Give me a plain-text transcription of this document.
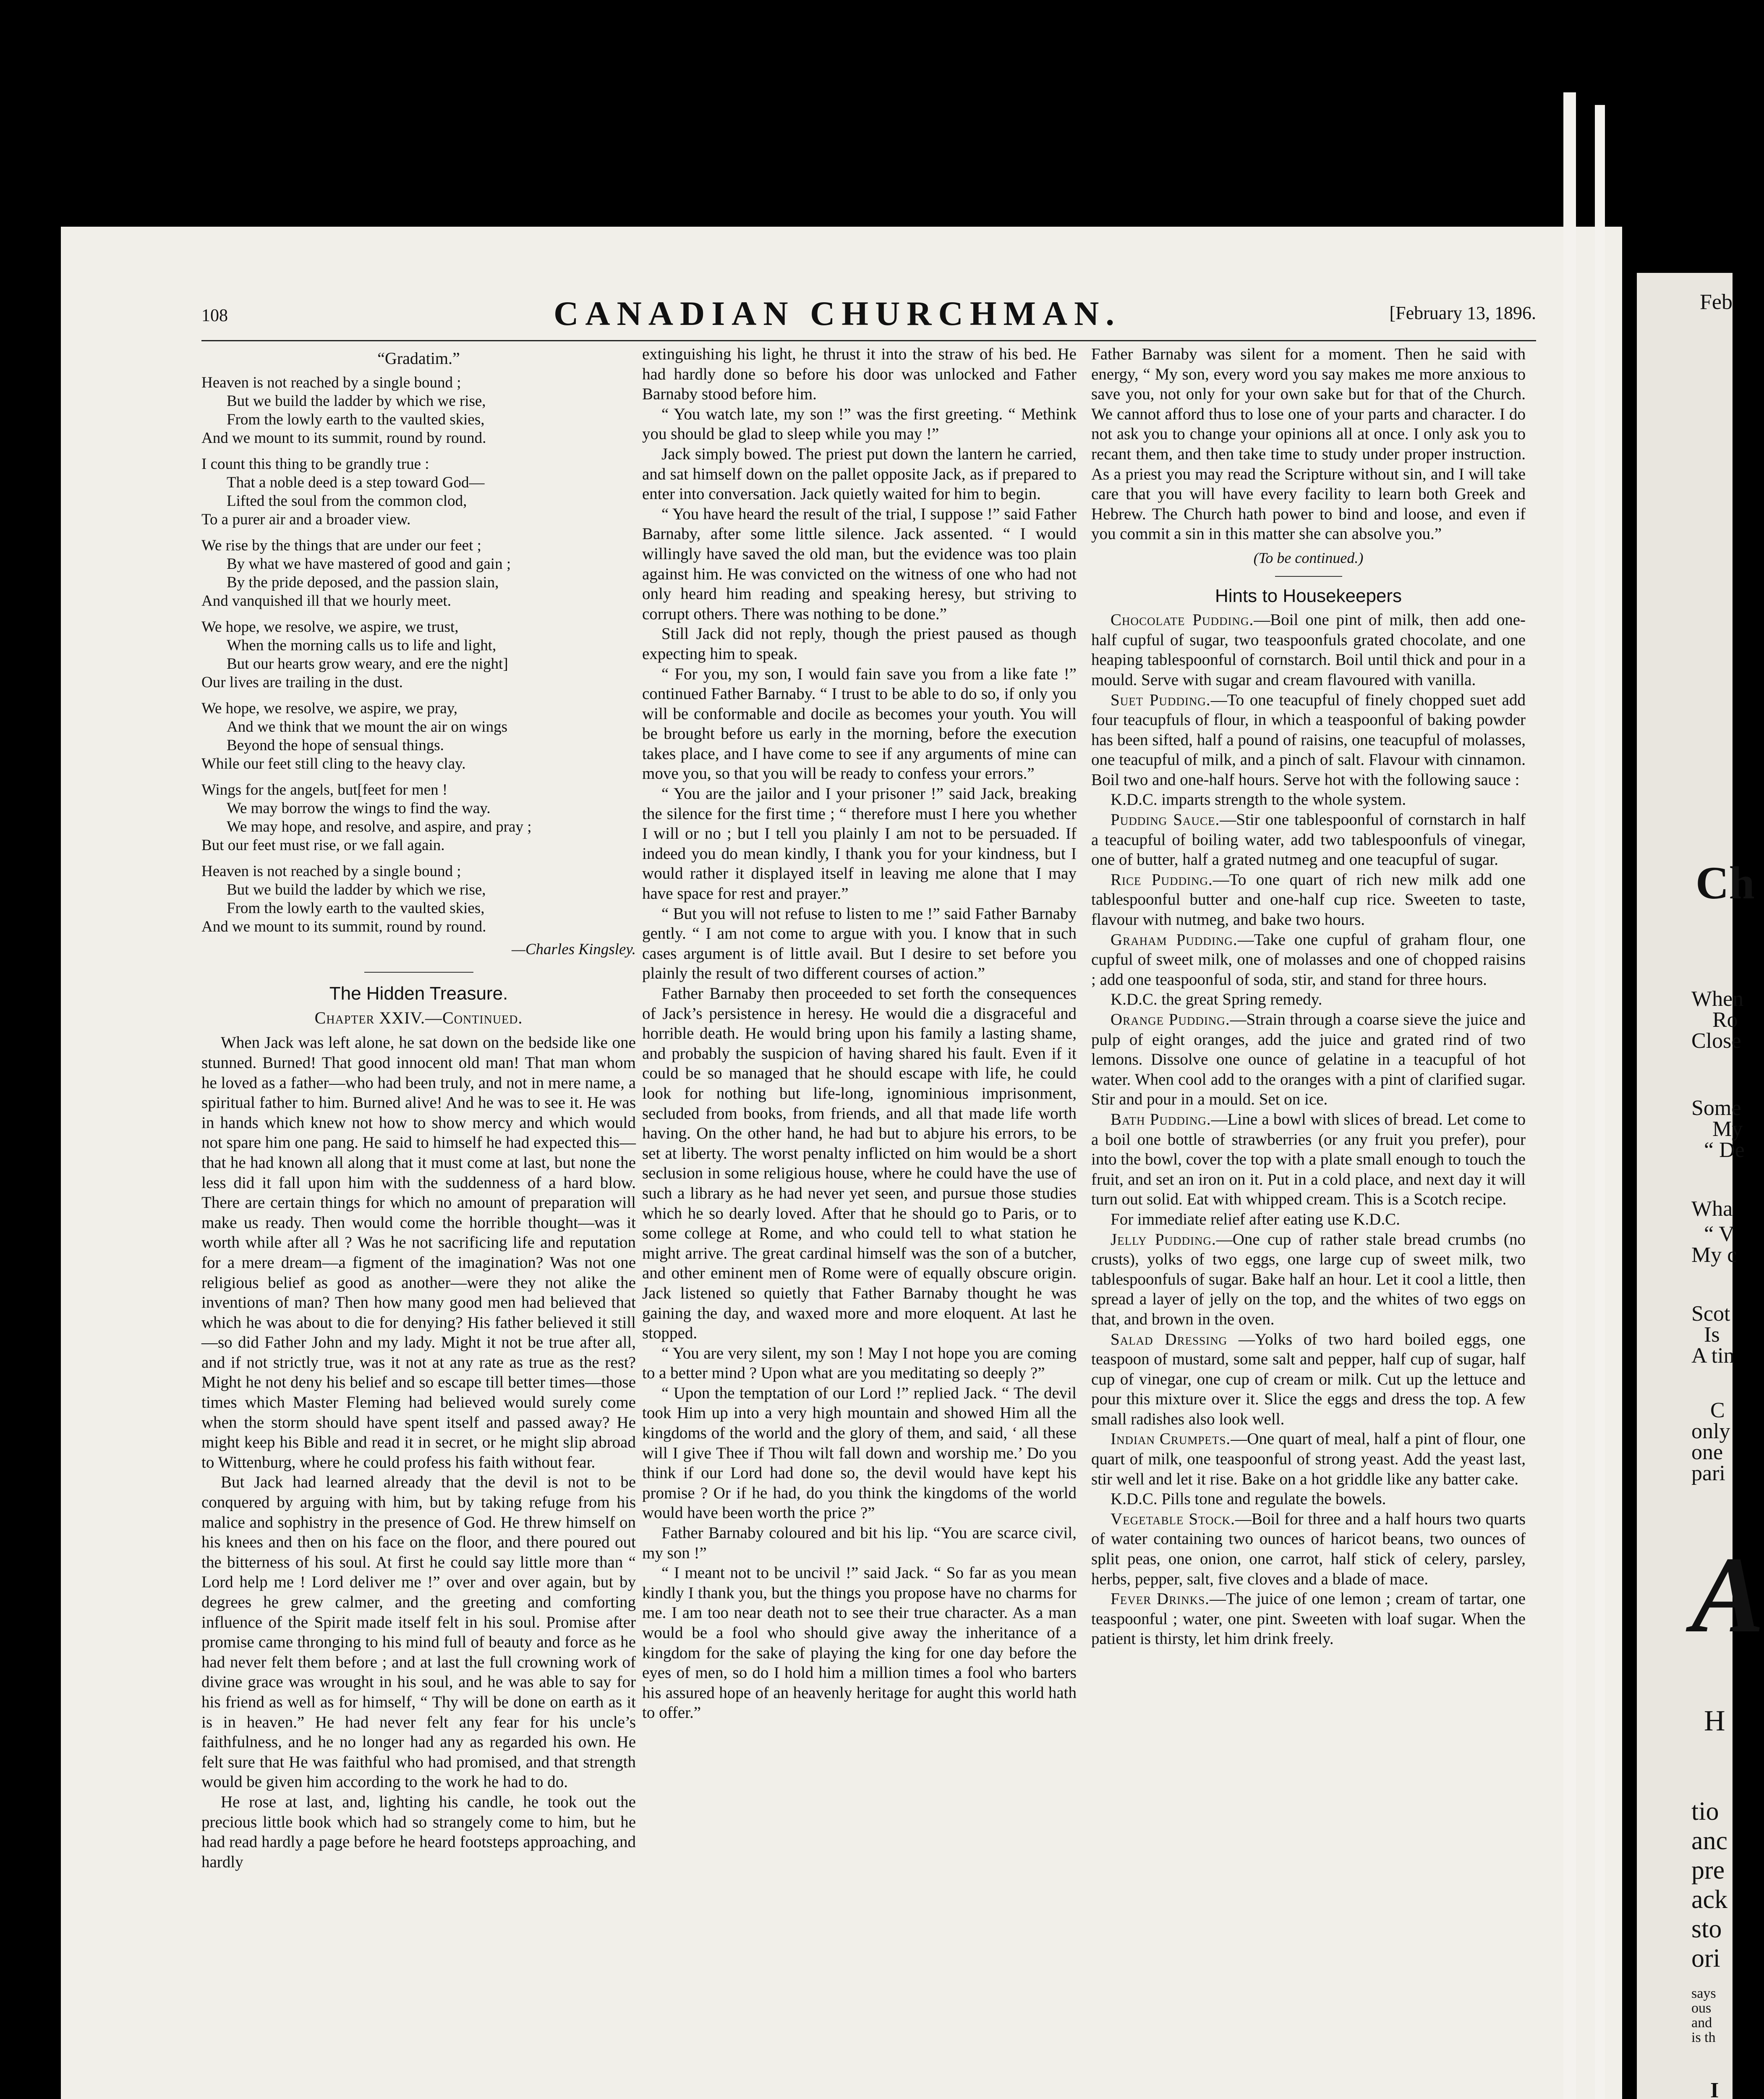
Feb
Ch
When
Ro
Close
Some
My
“ De
Wha
“ V
My c
Scot
Is
A tin
C
only
one
pari
A
H
tio
anc
pre
ack
sto
ori
says
ous
and
is th
I
108	CANADIAN CHURCHMAN.	[February 13, 1896.
“Gradatim.”
Heaven is not reached by a single bound ;
But we build the ladder by which we rise,
From the lowly earth to the vaulted skies,
And we mount to its summit, round by round.
I count this thing to be grandly true :
That a noble deed is a step toward God—
Lifted the soul from the common clod,
To a purer air and a broader view.
We rise by the things that are under our feet ;
By what we have mastered of good and gain ;
By the pride deposed, and the passion slain,
And vanquished ill that we hourly meet.
We hope, we resolve, we aspire, we trust,
When the morning calls us to life and light,
But our hearts grow weary, and ere the night]
Our lives are trailing in the dust.
We hope, we resolve, we aspire, we pray,
And we think that we mount the air on wings
Beyond the hope of sensual things.
While our feet still cling to the heavy clay.
Wings for the angels, but[feet for men !
We may borrow the wings to find the way.
We may hope, and resolve, and aspire, and pray ;
But our feet must rise, or we fall again.
Heaven is not reached by a single bound ;
But we build the ladder by which we rise,
From the lowly earth to the vaulted skies,
And we mount to its summit, round by round.
—Charles Kingsley.
The Hidden Treasure.
Chapter XXIV.—Continued.

When Jack was left alone, he sat down on the bedside like one stunned. Burned! That good innocent old man! That man whom he loved as a father—who had been truly, and not in mere name, a spiritual father to him. Burned alive! And he was to see it. He was in hands which knew not how to show mercy and which would not spare him one pang. He said to himself he had expected this—that he had known all along that it must come at last, but none the less did it fall upon him with the suddenness of a hard blow. There are certain things for which no amount of preparation will make us ready. Then would come the horrible thought—was it worth while after all ? Was he not sacrificing life and reputation for a mere dream—a figment of the imagination? Was not one religious belief as good as another—were they not alike the inventions of man? Then how many good men had believed that which he was about to die for denying? His father believed it still—so did Father John and my lady. Might it not be true after all, and if not strictly true, was it not at any rate as true as the rest? Might he not deny his belief and so escape till better times—those times which Master Fleming had believed would surely come when the storm should have spent itself and passed away? He might keep his Bible and read it in secret, or he might slip abroad to Wittenburg, where he could profess his faith without fear.

But Jack had learned already that the devil is not to be conquered by arguing with him, but by taking refuge from his malice and sophistry in the presence of God. He threw himself on his knees and then on his face on the floor, and there poured out the bitterness of his soul. At first he could say little more than “ Lord help me ! Lord deliver me !” over and over again, but by degrees he grew calmer, and the greeting and comforting influence of the Spirit made itself felt in his soul. Promise after promise came thronging to his mind full of beauty and force as he had never felt them before ; and at last the full crowning work of divine grace was wrought in his soul, and he was able to say for his friend as well as for himself, “ Thy will be done on earth as it is in heaven.” He had never felt any fear for his uncle’s faithfulness, and he no longer had any as regarded his own. He felt sure that He was faithful who had promised, and that strength would be given him according to the work he had to do.

He rose at last, and, lighting his candle, he took out the precious little book which had so strangely come to him, but he had read hardly a page before he heard footsteps approaching, and hardly

extinguishing his light, he thrust it into the straw of his bed. He had hardly done so before his door was unlocked and Father Barnaby stood before him.

“ You watch late, my son !” was the first greeting. “ Methink you should be glad to sleep while you may !”

Jack simply bowed. The priest put down the lantern he carried, and sat himself down on the pallet opposite Jack, as if prepared to enter into conversation. Jack quietly waited for him to begin.

“ You have heard the result of the trial, I suppose !” said Father Barnaby, after some little silence. Jack assented. “ I would willingly have saved the old man, but the evidence was too plain against him. He was convicted on the witness of one who had not only heard him reading and speaking heresy, but striving to corrupt others. There was nothing to be done.”

Still Jack did not reply, though the priest paused as though expecting him to speak.

“ For you, my son, I would fain save you from a like fate !” continued Father Barnaby. “ I trust to be able to do so, if only you will be conformable and docile as becomes your youth. You will be brought before us early in the morning, before the execution takes place, and I have come to see if any arguments of mine can move you, so that you will be ready to confess your errors.”

“ You are the jailor and I your prisoner !” said Jack, breaking the silence for the first time ; “ therefore must I here you whether I will or no ; but I tell you plainly I am not to be persuaded. If indeed you do mean kindly, I thank you for your kindness, but I would rather it displayed itself in leaving me alone that I may have space for rest and prayer.”

“ But you will not refuse to listen to me !” said Father Barnaby gently. “ I am not come to argue with you. I know that in such cases argument is of little avail. But I desire to set before you plainly the result of two different courses of action.”

Father Barnaby then proceeded to set forth the consequences of Jack’s persistence in heresy. He would die a disgraceful and horrible death. He would bring upon his family a lasting shame, and probably the suspicion of having shared his fault. Even if it could be so managed that he should escape with life, he could look for nothing but life-long, ignominious imprisonment, secluded from books, from friends, and all that made life worth having. On the other hand, he had but to abjure his errors, to be set at liberty. The worst penalty inflicted on him would be a short seclusion in some religious house, where he could have the use of such a library as he had never yet seen, and pursue those studies which he so dearly loved. After that he should go to Paris, or to some college at Rome, and who could tell to what station he might arrive. The great cardinal himself was the son of a butcher, and other eminent men of Rome were of equally obscure origin. Jack listened so quietly that Father Barnaby thought he was gaining the day, and waxed more and more eloquent. At last he stopped.

“ You are very silent, my son ! May I not hope you are coming to a better mind ? Upon what are you meditating so deeply ?”

“ Upon the temptation of our Lord !” replied Jack. “ The devil took Him up into a very high mountain and showed Him all the kingdoms of the world and the glory of them, and said, ‘ all these will I give Thee if Thou wilt fall down and worship me.’ Do you think if our Lord had done so, the devil would have kept his promise ? Or if he had, do you think the kingdoms of the world would have been worth the price ?”

Father Barnaby coloured and bit his lip. “You are scarce civil, my son !”

“ I meant not to be uncivil !” said Jack. “ So far as you mean kindly I thank you, but the things you propose have no charms for me. I am too near death not to see their true character. As a man would be a fool who should give away the inheritance of a kingdom for the sake of playing the king for one day before the eyes of men, so do I hold him a million times a fool who barters his assured hope of an heavenly heritage for aught this world hath to offer.”

Father Barnaby was silent for a moment. Then he said with energy, “ My son, every word you say makes me more anxious to save you, not only for your own sake but for that of the Church. We cannot afford thus to lose one of your parts and character. I do not ask you to change your opinions all at once. I only ask you to recant them, and then take time to study under proper instruction. As a priest you may read the Scripture without sin, and I will take care that you will have every facility to learn both Greek and Hebrew. The Church hath power to bind and loose, and even if you commit a sin in this matter she can absolve you.”

(To be continued.)
Hints to Housekeepers

Chocolate Pudding.—Boil one pint of milk, then add one-half cupful of sugar, two teaspoonfuls grated chocolate, and one heaping tablespoonful of cornstarch. Boil until thick and pour in a mould. Serve with sugar and cream flavoured with vanilla.

Suet Pudding.—To one teacupful of finely chopped suet add four teacupfuls of flour, in which a teaspoonful of baking powder has been sifted, half a pound of raisins, one teacupful of molasses, one teacupful of milk, and a pinch of salt. Flavour with cinnamon. Boil two and one-half hours. Serve hot with the following sauce :

K.D.C. imparts strength to the whole system.

Pudding Sauce.—Stir one tablespoonful of cornstarch in half a teacupful of boiling water, add two tablespoonfuls of vinegar, one of butter, half a grated nutmeg and one teacupful of sugar.

Rice Pudding.—To one quart of rich new milk add one tablespoonful butter and one-half cup rice. Sweeten to taste, flavour with nutmeg, and bake two hours.

Graham Pudding.—Take one cupful of graham flour, one cupful of sweet milk, one of molasses and one of chopped raisins ; add one teaspoonful of soda, stir, and stand for three hours.

K.D.C. the great Spring remedy.

Orange Pudding.—Strain through a coarse sieve the juice and pulp of eight oranges, add the juice and grated rind of two lemons. Dissolve one ounce of gelatine in a teacupful of hot water. When cool add to the oranges with a pint of clarified sugar. Stir and pour in a mould. Set on ice.

Bath Pudding.—Line a bowl with slices of bread. Let come to a boil one bottle of strawberries (or any fruit you prefer), pour into the bowl, cover the top with a plate small enough to touch the fruit, and set an iron on it. Put in a cold place, and next day it will turn out solid. Eat with whipped cream. This is a Scotch recipe.

For immediate relief after eating use K.D.C.

Jelly Pudding.—One cup of rather stale bread crumbs (no crusts), yolks of two eggs, one large cup of sweet milk, two tablespoonfuls of sugar. Bake half an hour. Let it cool a little, then spread a layer of jelly on the top, and the whites of two eggs on that, and brown in the oven.

Salad Dressing —Yolks of two hard boiled eggs, one teaspoon of mustard, some salt and pepper, half cup of sugar, half cup of vinegar, one cup of cream or milk. Cut up the lettuce and pour this mixture over it. Slice the eggs and dress the top. A few small radishes also look well.

Indian Crumpets.—One quart of meal, half a pint of flour, one quart of milk, one teaspoonful of strong yeast. Add the yeast last, stir well and let it rise. Bake on a hot griddle like any batter cake.

K.D.C. Pills tone and regulate the bowels.

Vegetable Stock.—Boil for three and a half hours two quarts of water containing two ounces of haricot beans, two ounces of split peas, one onion, one carrot, half stick of celery, parsley, herbs, pepper, salt, five cloves and a blade of mace.

Fever Drinks.—The juice of one lemon ; cream of tartar, one teaspoonful ; water, one pint. Sweeten with loaf sugar. When the patient is thirsty, let him drink freely.
